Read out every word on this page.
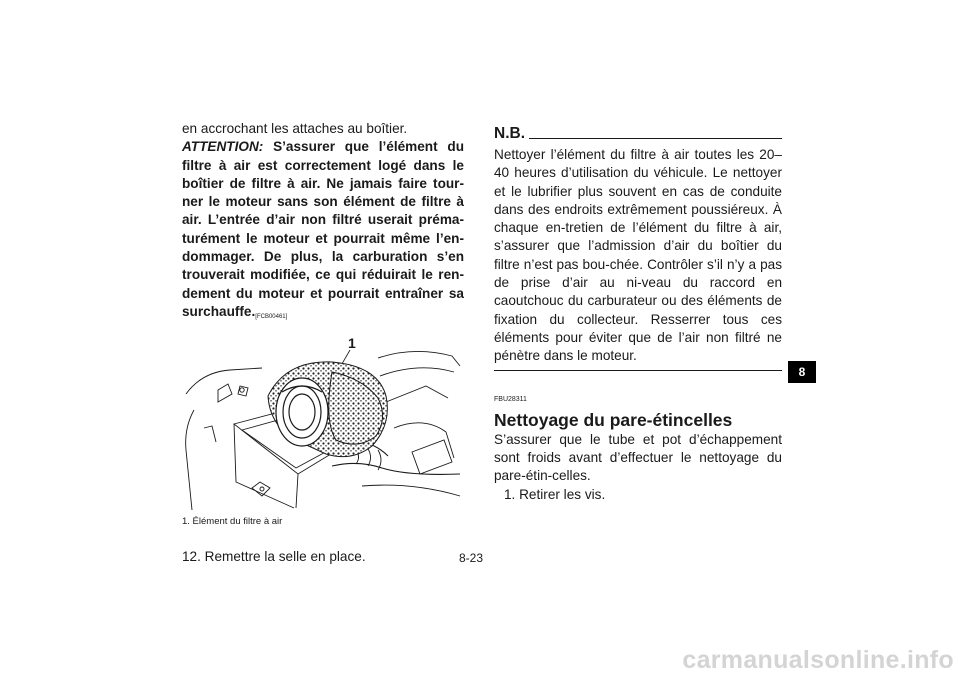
en accrochant les attaches au boîtier.
ATTENTION: S’assurer que l’élément du filtre à air est correctement logé dans le boîtier de filtre à air. Ne jamais faire tour-ner le moteur sans son élément de filtre à air. L’entrée d’air non filtré userait préma-turément le moteur et pourrait même l’en-dommager. De plus, la carburation s’en trouverait modifiée, ce qui réduirait le ren-dement du moteur et pourrait entraîner sa surchauffe.[FCB00461]
1
1. Élément du filtre à air
12. Remettre la selle en place.
N.B.
Nettoyer l’élément du filtre à air toutes les 20–40 heures d’utilisation du véhicule. Le nettoyer et le lubrifier plus souvent en cas de conduite dans des endroits extrêmement poussiéreux. À chaque en-tretien de l’élément du filtre à air, s’assurer que l’admission d’air du boîtier du filtre n’est pas bou-chée. Contrôler s’il n’y a pas de prise d’air au ni-veau du raccord en caoutchouc du carburateur ou des éléments de fixation du collecteur. Resserrer tous ces éléments pour éviter que de l’air non filtré ne pénètre dans le moteur.
FBU28311
Nettoyage du pare-étincelles
S’assurer que le tube et pot d’échappement sont froids avant d’effectuer le nettoyage du pare-étin-celles.
1. Retirer les vis.
8
8-23
carmanualsonline.info
